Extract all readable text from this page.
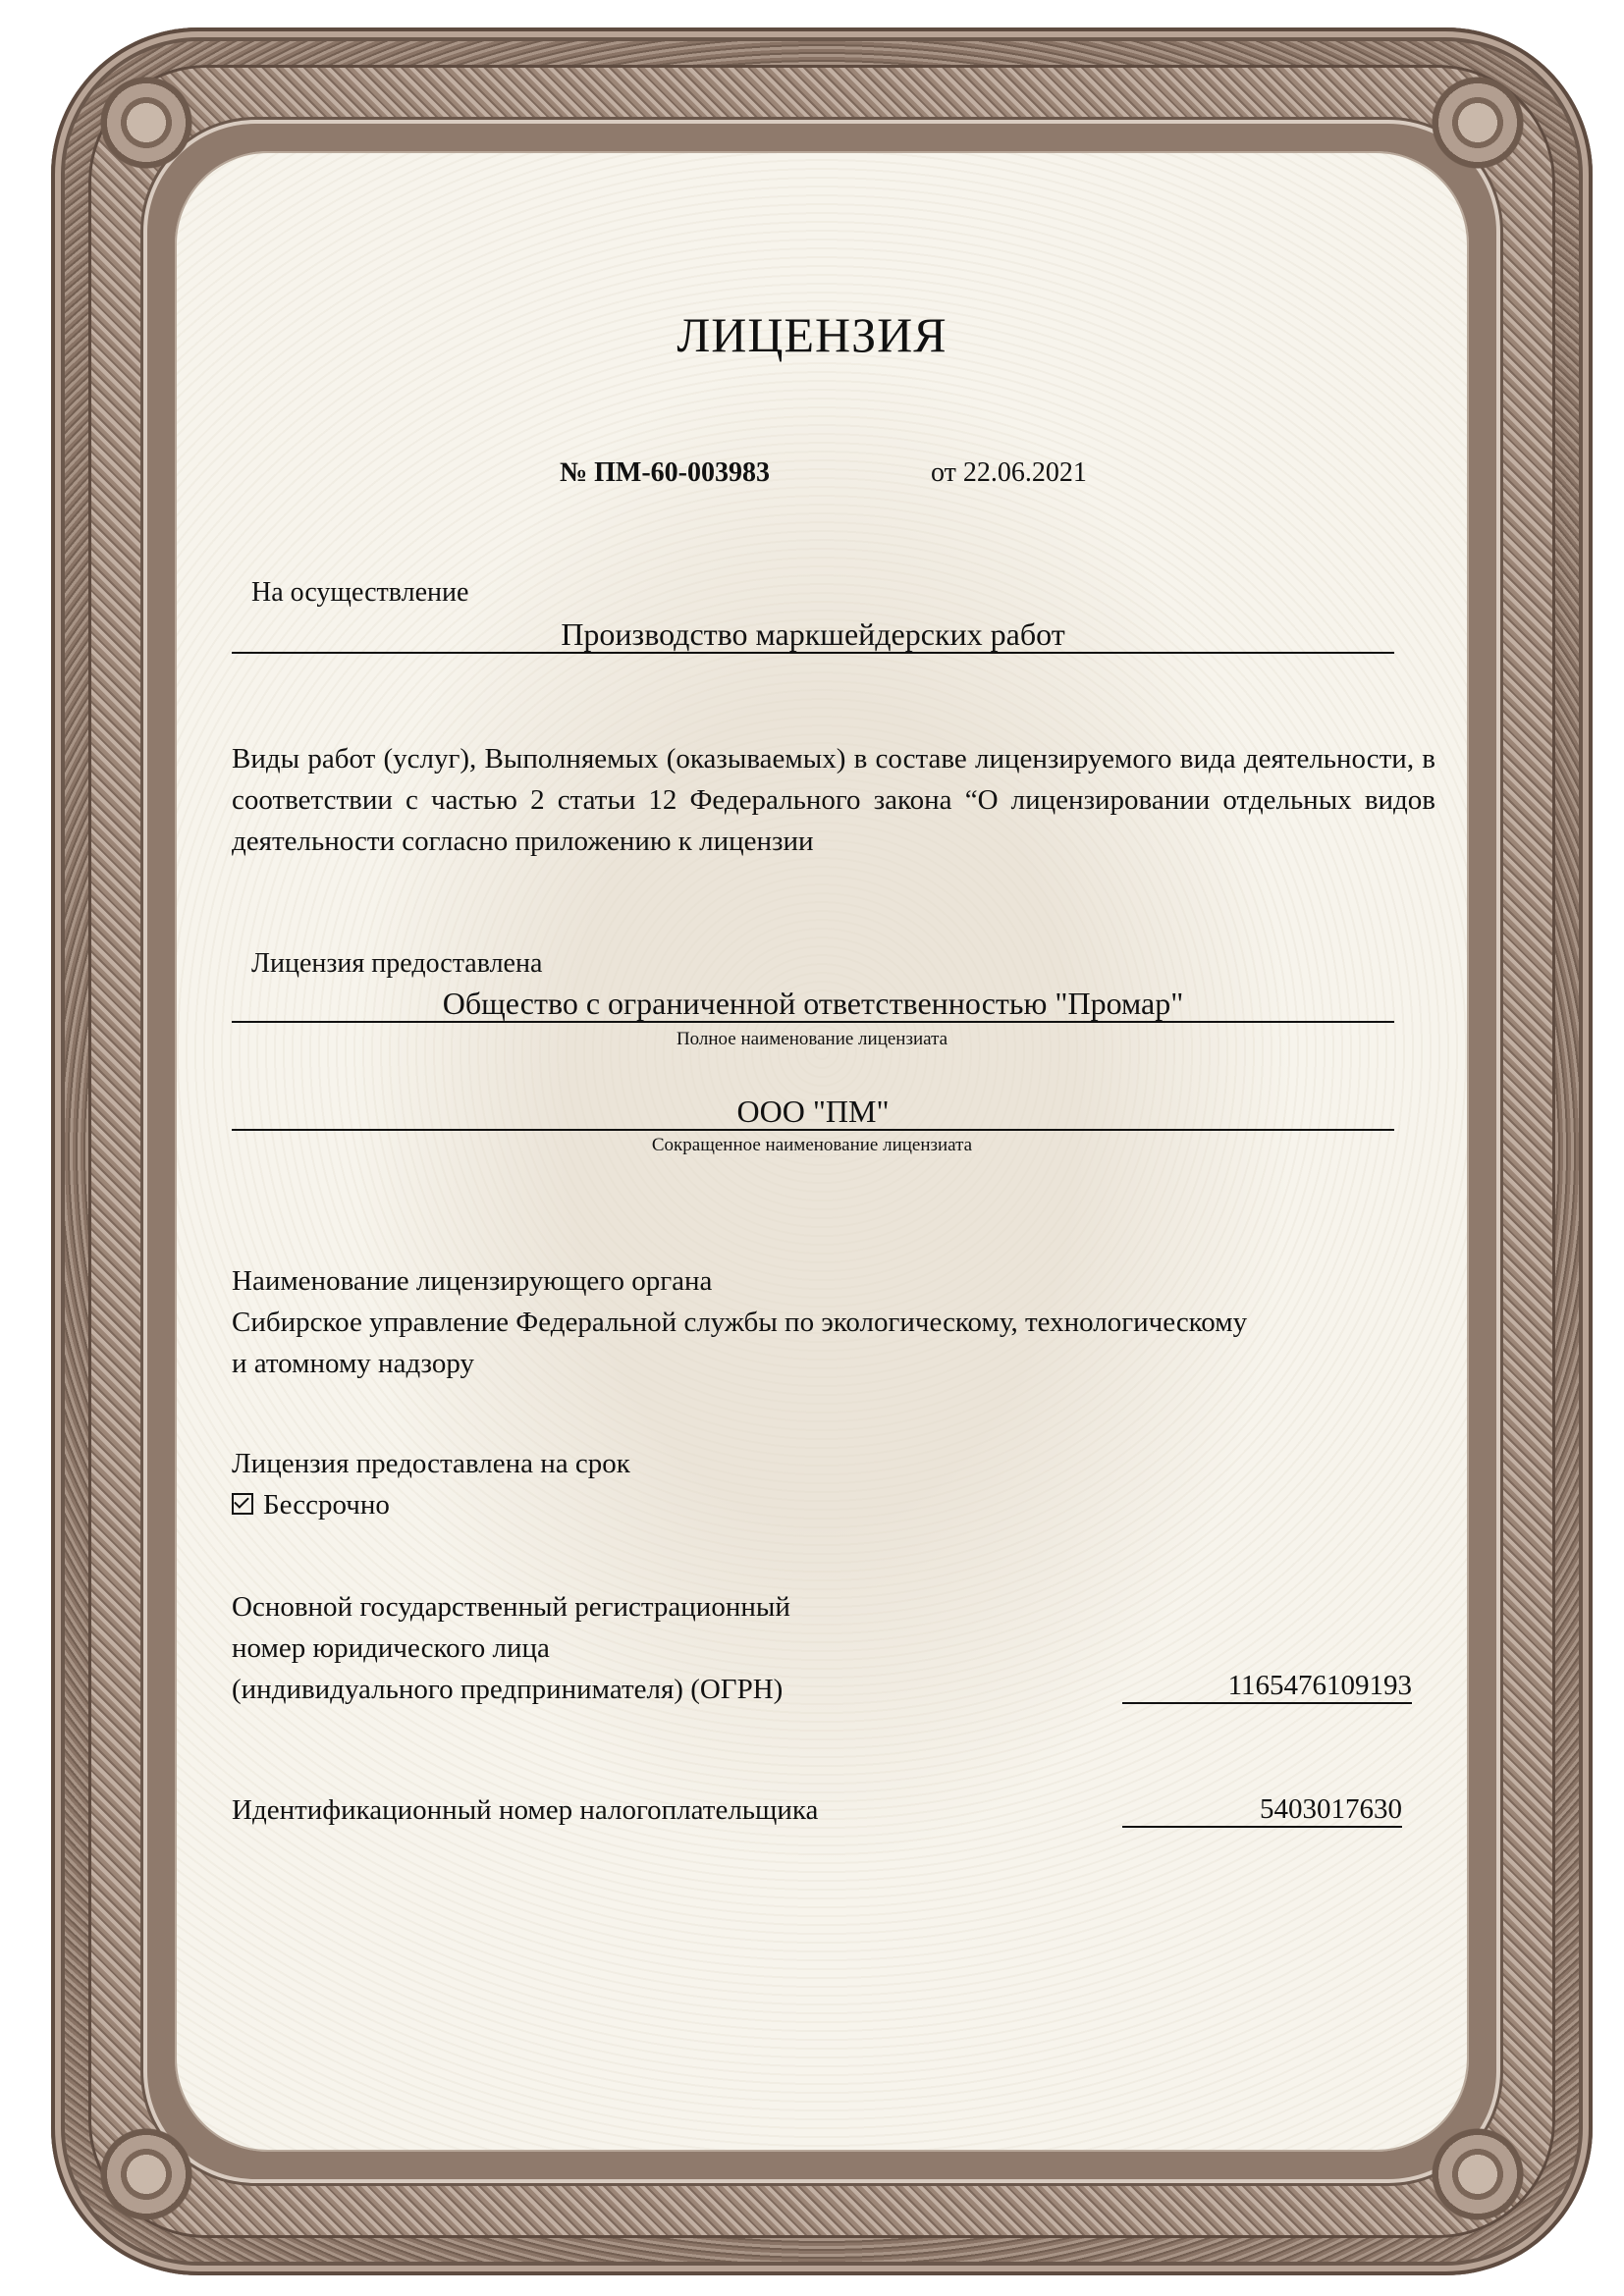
ЛИЦЕНЗИЯ
№ ПМ-60-003983	от 22.06.2021
На осуществление
Производство маркшейдерских работ
Виды работ (услуг), Выполняемых (оказываемых) в составе лицензируемого вида деятельности, в соответствии с частью 2 статьи 12 Федерального закона “О лицензировании отдельных видов деятельности согласно приложению к лицензии
Лицензия предоставлена
Общество с ограниченной ответственностью "Промар"
Полное наименование лицензиата
ООО "ПМ"
Сокращенное наименование лицензиата
Наименование лицензирующего органа
Сибирское управление Федеральной службы по экологическому, технологическому
и атомному надзору
Лицензия предоставлена на срок
Бессрочно
Основной государственный регистрационный
номер юридического лица
(индивидуального предпринимателя) (ОГРН)	1165476109193
Идентификационный номер налогоплательщика	5403017630
